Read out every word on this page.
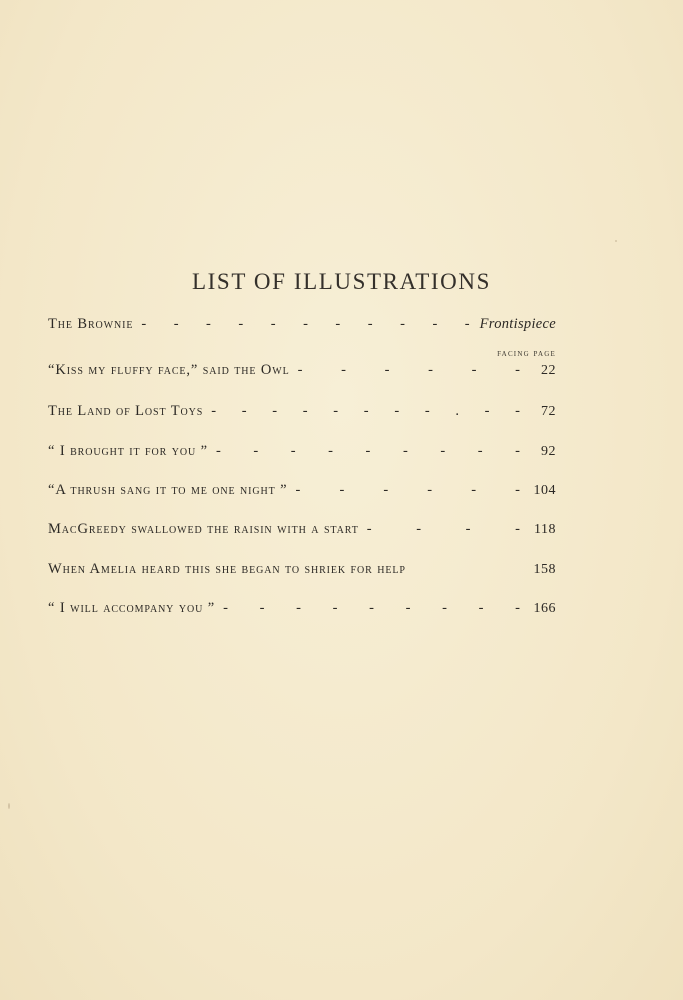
LIST OF ILLUSTRATIONS
facing page
The Brownie - - - - - - - - - - - Frontispiece
“Kiss my fluffy face,” said the Owl - - - - - -	22
The Land of Lost Toys - - - - - - - - . - -	72
“ I brought it for you ” - - - - - - - - -	92
“A thrush sang it to me one night ” - - - - - - 104
MacGreedy swallowed the raisin with a start - - - -	118
When Amelia heard this she began to shriek for help	158
“ I will accompany you ” - - - - - - - - - 166
